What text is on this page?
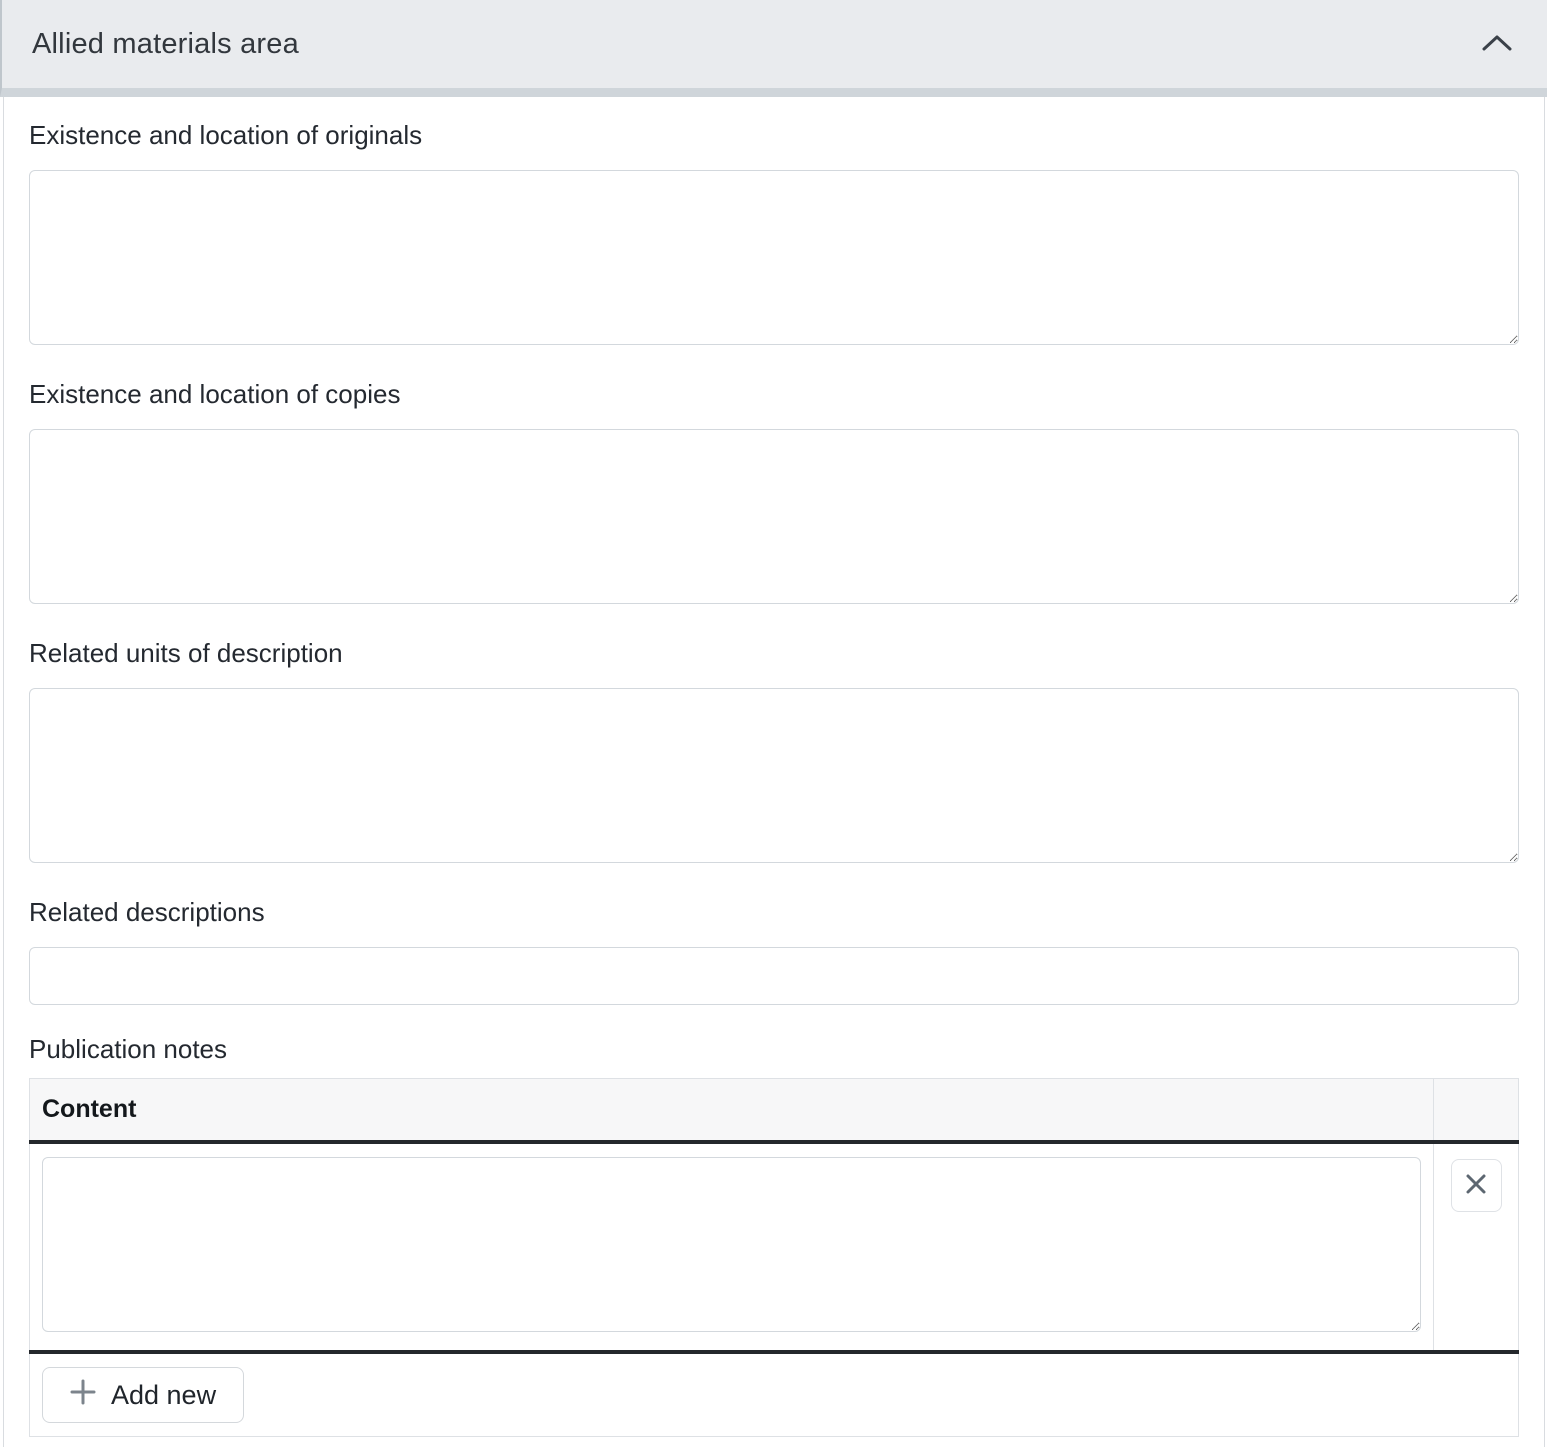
Allied materials area
Existence and location of originals
Existence and location of copies
Related units of description
Related descriptions
Publication notes
Content	

Add new	
